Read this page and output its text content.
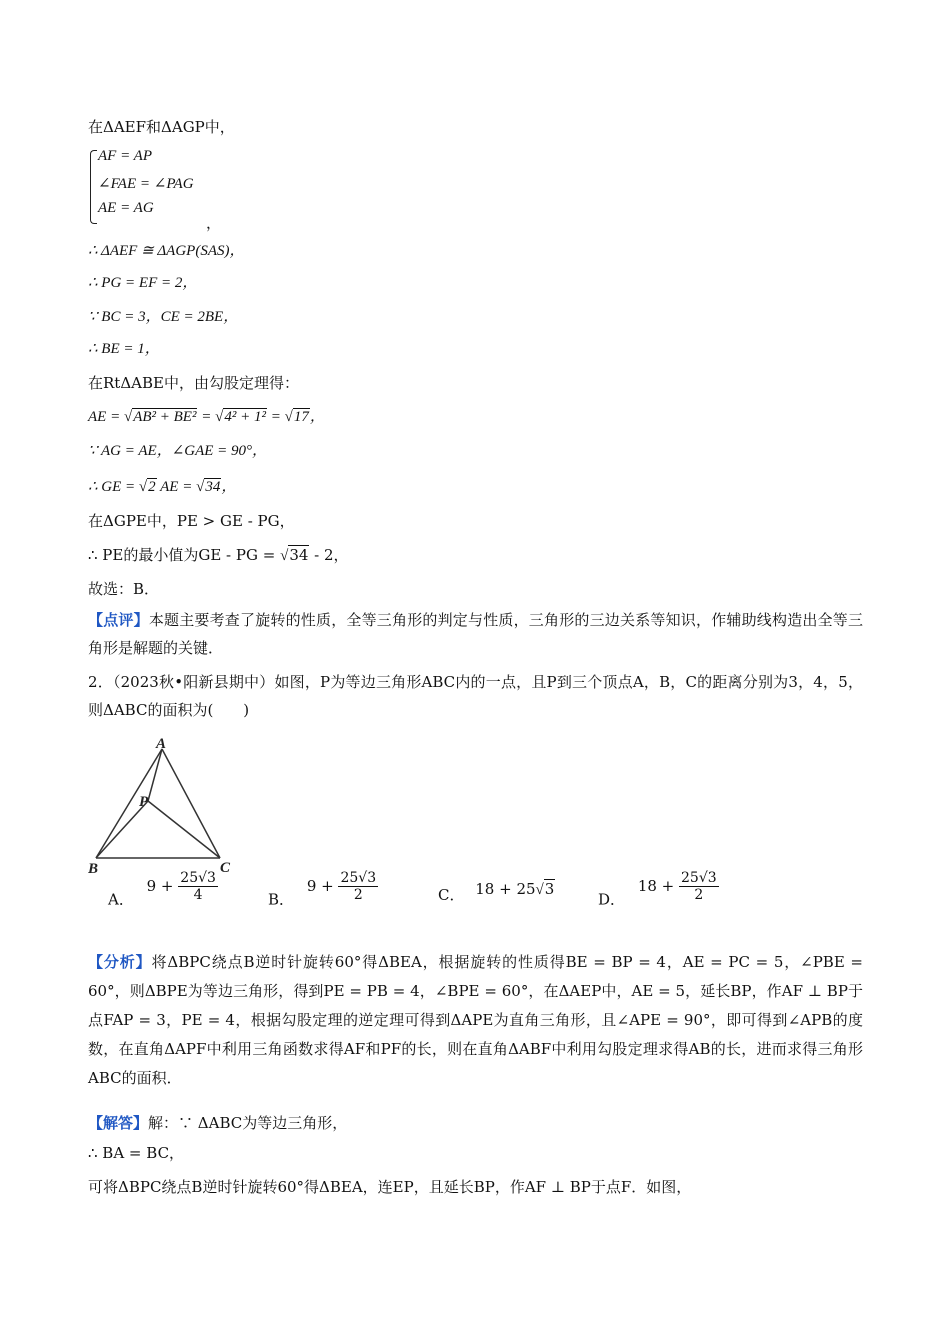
在ΔAEF和ΔAGP中，
AF = AP
∠FAE = ∠PAG
AE = AG
，
∴ ΔAEF ≅ ΔAGP(SAS)，
∴ PG = EF = 2，
∵ BC = 3，CE = 2BE，
∴ BE = 1，
在RtΔABE中，由勾股定理得：
AE = √AB² + BE² = √4² + 1² = √17，
∵ AG = AE，∠GAE = 90°，
∴ GE = √2 AE = √34，
在ΔGPE中，PE > GE - PG，
∴ PE的最小值为GE - PG = √34 - 2，
故选：B．
【点评】本题主要考查了旋转的性质，全等三角形的判定与性质，三角形的三边关系等知识，作辅助线构造出全等三角形是解题的关键．
2．（2023秋•阳新县期中）如图，P为等边三角形ABC内的一点，且P到三个顶点A，B，C的距离分别为3，4，5，则ΔABC的面积为(　　)
A
B	C
P
A． $9 + \frac{25√3}{4}$	B． $9 + \frac{25√3}{2}$	C． 18 + 25√3
D． $18 + \frac{25√3}{2}$
【分析】将ΔBPC绕点B逆时针旋转60°得ΔBEA，根据旋转的性质得BE = BP = 4，AE = PC = 5，∠PBE = 60°，则ΔBPE为等边三角形，得到PE = PB = 4，∠BPE = 60°，在ΔAEP中，AE = 5，延长BP，作AF ⊥ BP于点FAP = 3，PE = 4，根据勾股定理的逆定理可得到ΔAPE为直角三角形，且∠APE = 90°，即可得到∠APB的度数，在直角ΔAPF中利用三角函数求得AF和PF的长，则在直角ΔABF中利用勾股定理求得AB的长，进而求得三角形ABC的面积．
【解答】解：∵ ΔABC为等边三角形，
∴ BA = BC，
可将ΔBPC绕点B逆时针旋转60°得ΔBEA，连EP，且延长BP，作AF ⊥ BP于点F．如图，
